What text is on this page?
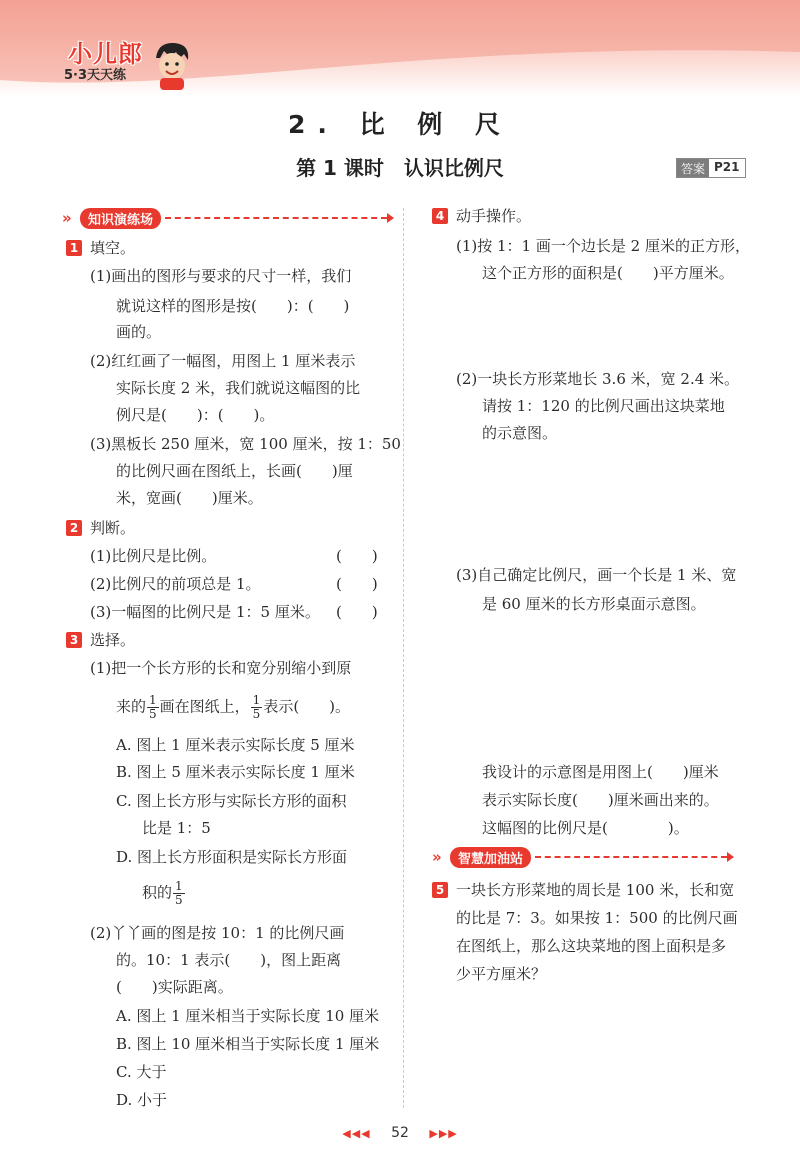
小儿郎
5·3天天练
2. 比 例 尺
第 1 课时　认识比例尺	答案 P21
»	知识演练场
1 填空。
(1)画出的图形与要求的尺寸一样，我们
就说这样的图形是按(　　)：(　　)
画的。
(2)红红画了一幅图，用图上 1 厘米表示
实际长度 2 米，我们就说这幅图的比
例尺是(　　)：(　　)。
(3)黑板长 250 厘米，宽 100 厘米，按 1：50
的比例尺画在图纸上，长画(　　)厘
米，宽画(　　)厘米。
2 判断。
(1)比例尺是比例。	(　　)
(2)比例尺的前项总是 1。	(　　)
(3)一幅图的比例尺是 1：5 厘米。 (　　)
3 选择。
(1)把一个长方形的长和宽分别缩小到原
来的 $\frac{1}{5}$ 画在图纸上， $\frac{1}{5}$ 表示(　　)。
A. 图上 1 厘米表示实际长度 5 厘米
B. 图上 5 厘米表示实际长度 1 厘米
C. 图上长方形与实际长方形的面积
比是 1：5
D. 图上长方形面积是实际长方形面
积的 $\frac{1}{5}$
(2)丫丫画的图是按 10：1 的比例尺画
的。10：1 表示(　　)，图上距离
(　　)实际距离。
A. 图上 1 厘米相当于实际长度 10 厘米
B. 图上 10 厘米相当于实际长度 1 厘米
C. 大于
D. 小于
4 动手操作。
(1)按 1：1 画一个边长是 2 厘米的正方形，
这个正方形的面积是(　　)平方厘米。
(2)一块长方形菜地长 3.6 米，宽 2.4 米。
请按 1：120 的比例尺画出这块菜地
的示意图。
(3)自己确定比例尺，画一个长是 1 米、宽
是 60 厘米的长方形桌面示意图。
我设计的示意图是用图上(　　)厘米
表示实际长度(　　)厘米画出来的。
这幅图的比例尺是(　　　　)。
»	智慧加油站
5 一块长方形菜地的周长是 100 米，长和宽
的比是 7：3。如果按 1：500 的比例尺画
在图纸上，那么这块菜地的图上面积是多
少平方厘米？
◀◀◀ 52 ▶▶▶
